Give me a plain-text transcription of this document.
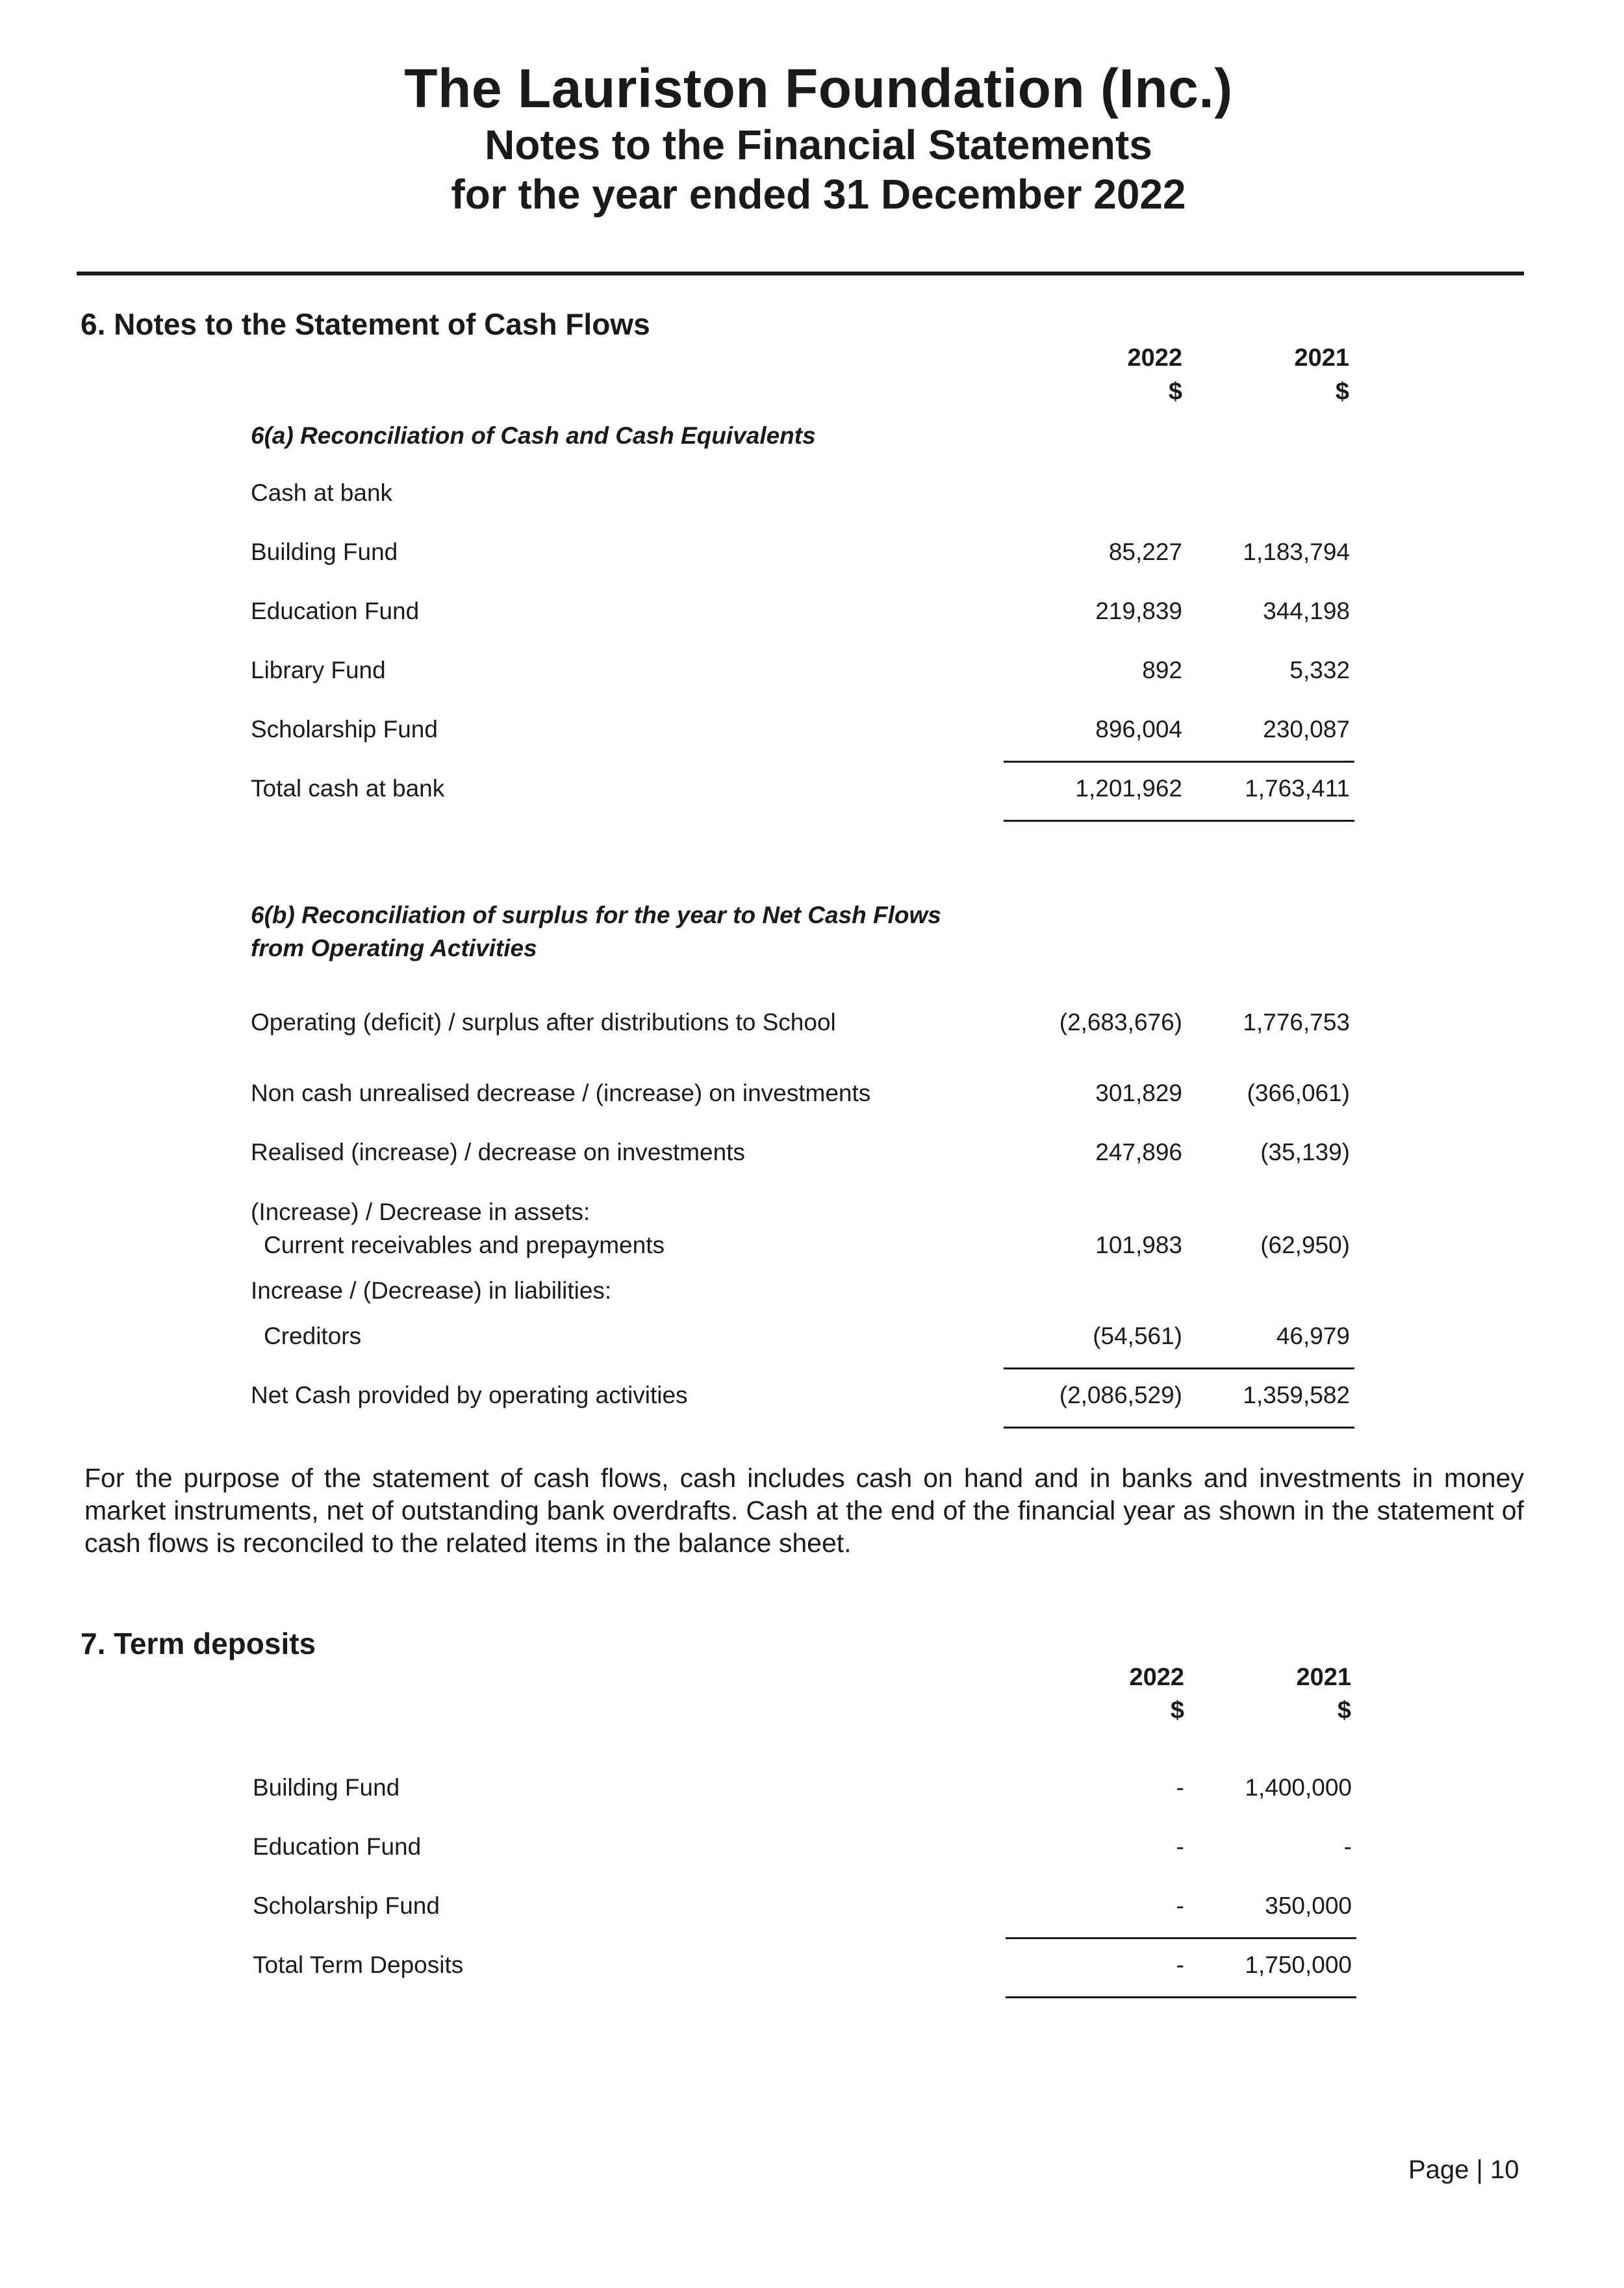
The Lauriston Foundation (Inc.)
Notes to the Financial Statements
for the year ended 31 December 2022
6. Notes to the Statement of Cash Flows
2022	2021
$	$
6(a) Reconciliation of Cash and Cash Equivalents
Cash at bank
Building Fund	85,227	1,183,794
Education Fund	219,839	344,198
Library Fund	892	5,332
Scholarship Fund	896,004	230,087
Total cash at bank	1,201,962	1,763,411
6(b) Reconciliation of surplus for the year to Net Cash Flows
from Operating Activities
Operating (deficit) / surplus after distributions to School	(2,683,676)	1,776,753
Non cash unrealised decrease / (increase) on investments	301,829	(366,061)
Realised (increase) / decrease on investments	247,896	(35,139)
(Increase) / Decrease in assets:
Current receivables and prepayments	101,983	(62,950)
Increase / (Decrease) in liabilities:
Creditors	(54,561)	46,979
Net Cash provided by operating activities	(2,086,529)	1,359,582
For the purpose of the statement of cash flows, cash includes cash on hand and in banks and investments in money market instruments, net of outstanding bank overdrafts. Cash at the end of the financial year as shown in the statement of cash flows is reconciled to the related items in the balance sheet.
7. Term deposits
2022	2021
$	$
Building Fund	-	1,400,000
Education Fund	-	-
Scholarship Fund	-	350,000
Total Term Deposits	-	1,750,000
Page | 10
